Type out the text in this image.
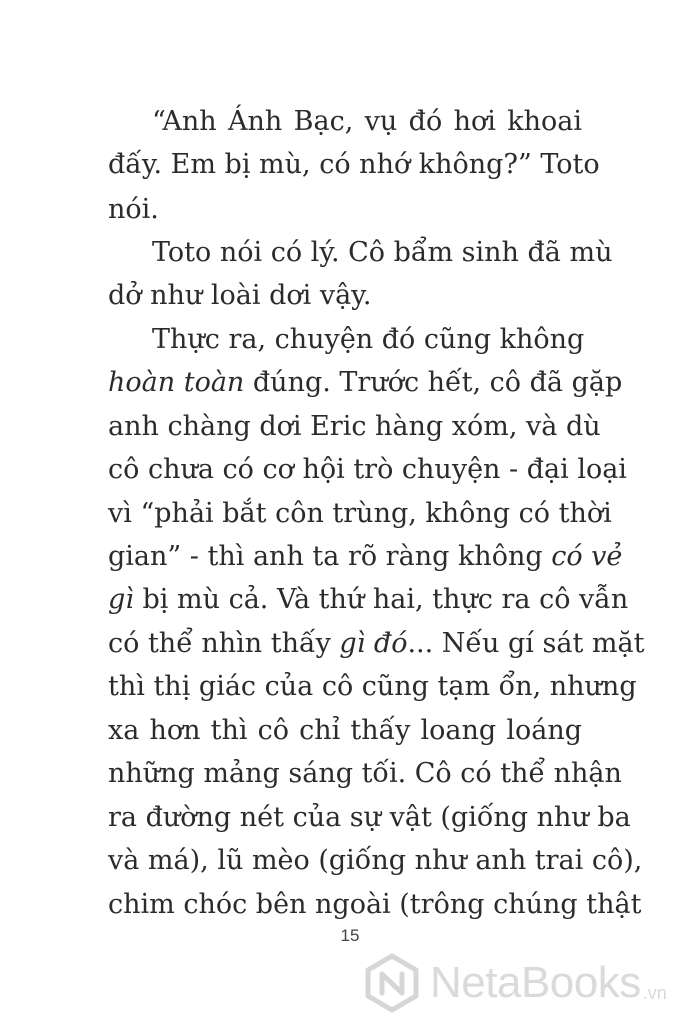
“Anh Ánh Bạc, vụ đó hơi khoai
đấy. Em bị mù, có nhớ không?” Toto
nói.
Toto nói có lý. Cô bẩm sinh đã mù
dở như loài dơi vậy.
Thực ra, chuyện đó cũng không
hoàn toàn đúng. Trước hết, cô đã gặp
anh chàng dơi Eric hàng xóm, và dù
cô chưa có cơ hội trò chuyện - đại loại
vì “phải bắt côn trùng, không có thời
gian” - thì anh ta rõ ràng không có vẻ
gì bị mù cả. Và thứ hai, thực ra cô vẫn
có thể nhìn thấy gì đó... Nếu gí sát mặt
thì thị giác của cô cũng tạm ổn, nhưng
xa hơn thì cô chỉ thấy loang loáng
những mảng sáng tối. Cô có thể nhận
ra đường nét của sự vật (giống như ba
và má), lũ mèo (giống như anh trai cô),
chim chóc bên ngoài (trông chúng thật
15
NetaBooks .vn
